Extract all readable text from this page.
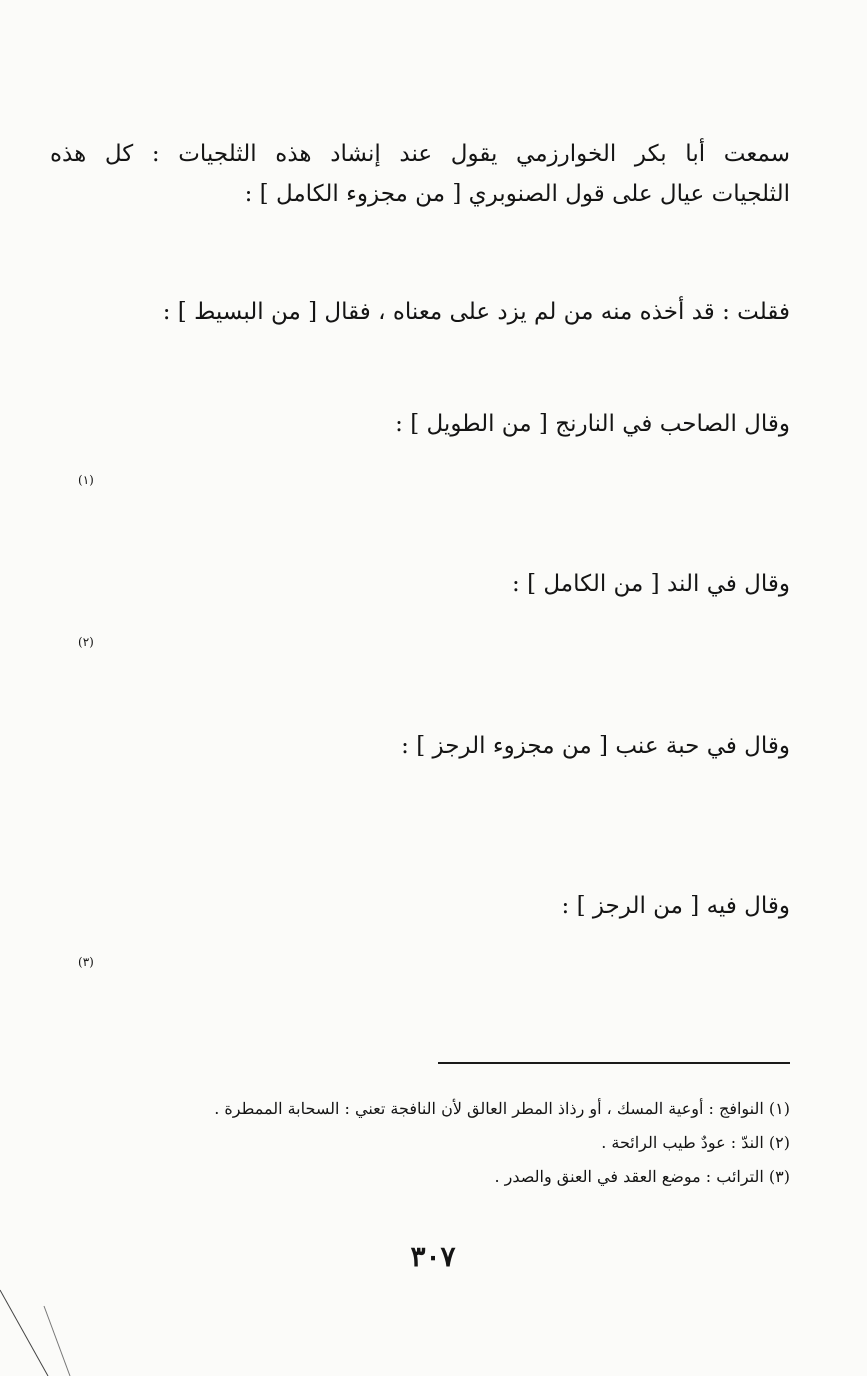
سمعت أبا بكر الخوارزمي يقول عند إنشاد هذه الثلجيات : كل هذه
الثلجيات عيال على قول الصنوبري [ من مجزوء الكامل ] :
فقلت : قد أخذه منه من لم يزد على معناه ، فقال [ من البسيط ] :
وقال الصاحب في النارنج [ من الطويل ] :
(١)
وقال في الند [ من الكامل ] :
(٢)
وقال في حبة عنب [ من مجزوء الرجز ] :
وقال فيه [ من الرجز ] :
(٣)
(١) النوافج : أوعية المسك ، أو رذاذ المطر العالق لأن النافجة تعني : السحابة الممطرة .
(٢) الندّ : عودٌ طيب الرائحة .
(٣) الترائب : موضع العقد في العنق والصدر .
٣٠٧
